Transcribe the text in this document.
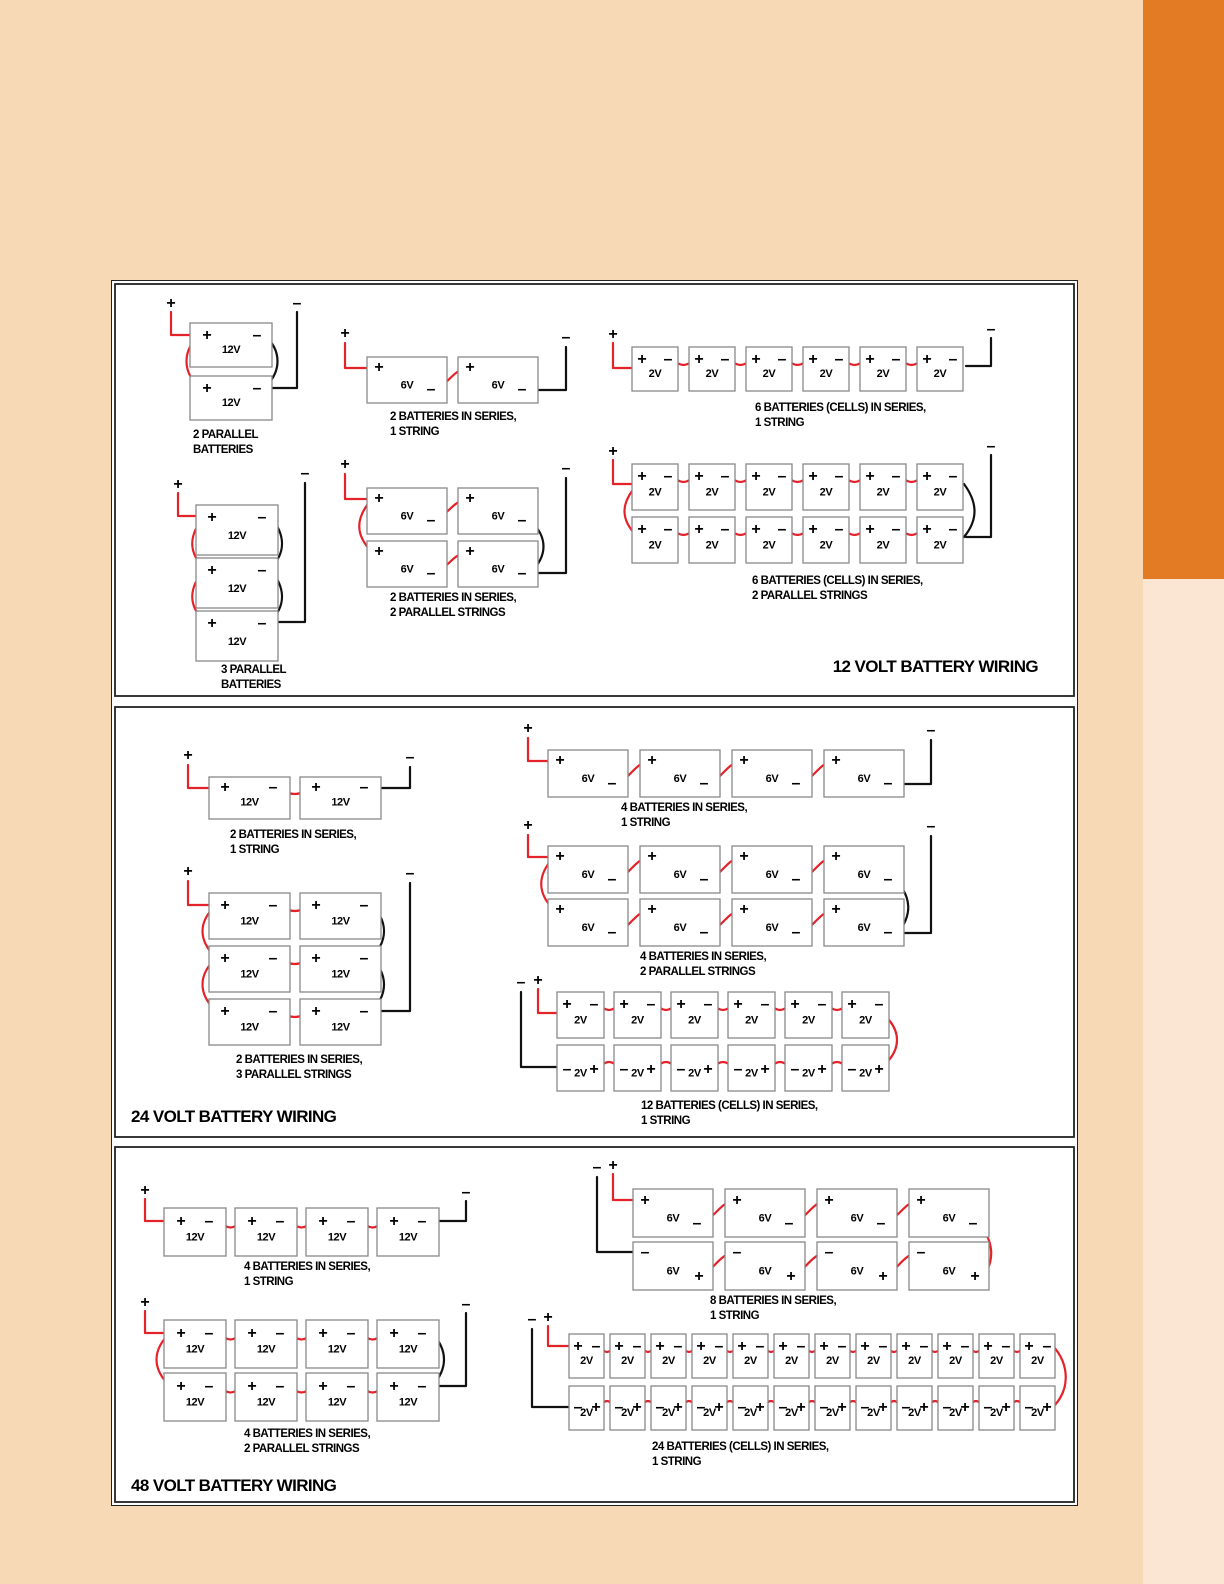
12V
+	–
12V
+	–
12V
+	–
12V
+	–
12V
+	–
6V
+
–	6V
+
–
6V
+
–	6V
+
–
6V
+
–	6V
+
–
2V
+ –
2V
+ –
2V
+ –
2V
+ –
2V
+ –
2V
+ –
2V
+ –
2V
+ –
2V
+ –
2V
+ –
2V
+ –
2V
+ –
2V
+ –
2V
+ –
2V
+ –
2V
+ –
2V
+ –
2V
+ –
12V
+ –
12V
+ –
12V
+ –
12V
+ –
12V
+ –
12V
+ –
12V
+ –
12V
+ –
6V
+
–	6V
+
–	6V
+
–	6V
+
–
6V
+
–	6V
+
–	6V
+
–	6V
+
–
6V
+
–	6V
+
–	6V
+
–	6V
+
–
2V
+ –
2V
+ –
2V
+ –
2V
+ –
2V
+ –
2V
+ –
2V +
–	2V +
–	2V +
–	2V +
–	2V +
–	2V +
–
12V
+ –
12V
+ –
12V
+ –
12V
+ –
12V
+ –
12V
+ –
12V
+ –
12V
+ –
12V
+ –
12V
+ –
12V
+ –
12V
+ –
6V
+
–	6V
+
–	6V
+
–	6V
+
–
6V +
–
6V +
–
6V +
–
6V +
–
2V
+ –
2V
+ –
2V
+ –
2V
+ –
2V
+ –
2V
+ –
2V
+ –
2V
+ –
2V
+ –
2V
+ –
2V
+ –
2V
+ –
2V
+
–	2V
+
–	2V
+
–	2V
+
–	2V
+
–	2V
+
–	2V
+
–	2V
+
–	2V
+
–	2V
+
–	2V
+
–	2V
+
–
+	–
2 PARALLEL
BATTERIES
+
–
3 PARALLEL
BATTERIES
+	–
2 BATTERIES IN SERIES,
1 STRING
+	–
2 BATTERIES IN SERIES,
2 PARALLEL STRINGS
+	–
6 BATTERIES (CELLS) IN SERIES,
1 STRING
+	–
6 BATTERIES (CELLS) IN SERIES,
2 PARALLEL STRINGS
12 VOLT BATTERY WIRING
+	–
2 BATTERIES IN SERIES,
1 STRING
+	–
2 BATTERIES IN SERIES,
3 PARALLEL STRINGS
+	–
4 BATTERIES IN SERIES,
1 STRING
+	–
4 BATTERIES IN SERIES,
2 PARALLEL STRINGS
– +
12 BATTERIES (CELLS) IN SERIES,
1 STRING
24 VOLT BATTERY WIRING
+	–
4 BATTERIES IN SERIES,
1 STRING
+	–
4 BATTERIES IN SERIES,
2 PARALLEL STRINGS
– +
8 BATTERIES IN SERIES,
1 STRING
– +
24 BATTERIES (CELLS) IN SERIES,
1 STRING
48 VOLT BATTERY WIRING
